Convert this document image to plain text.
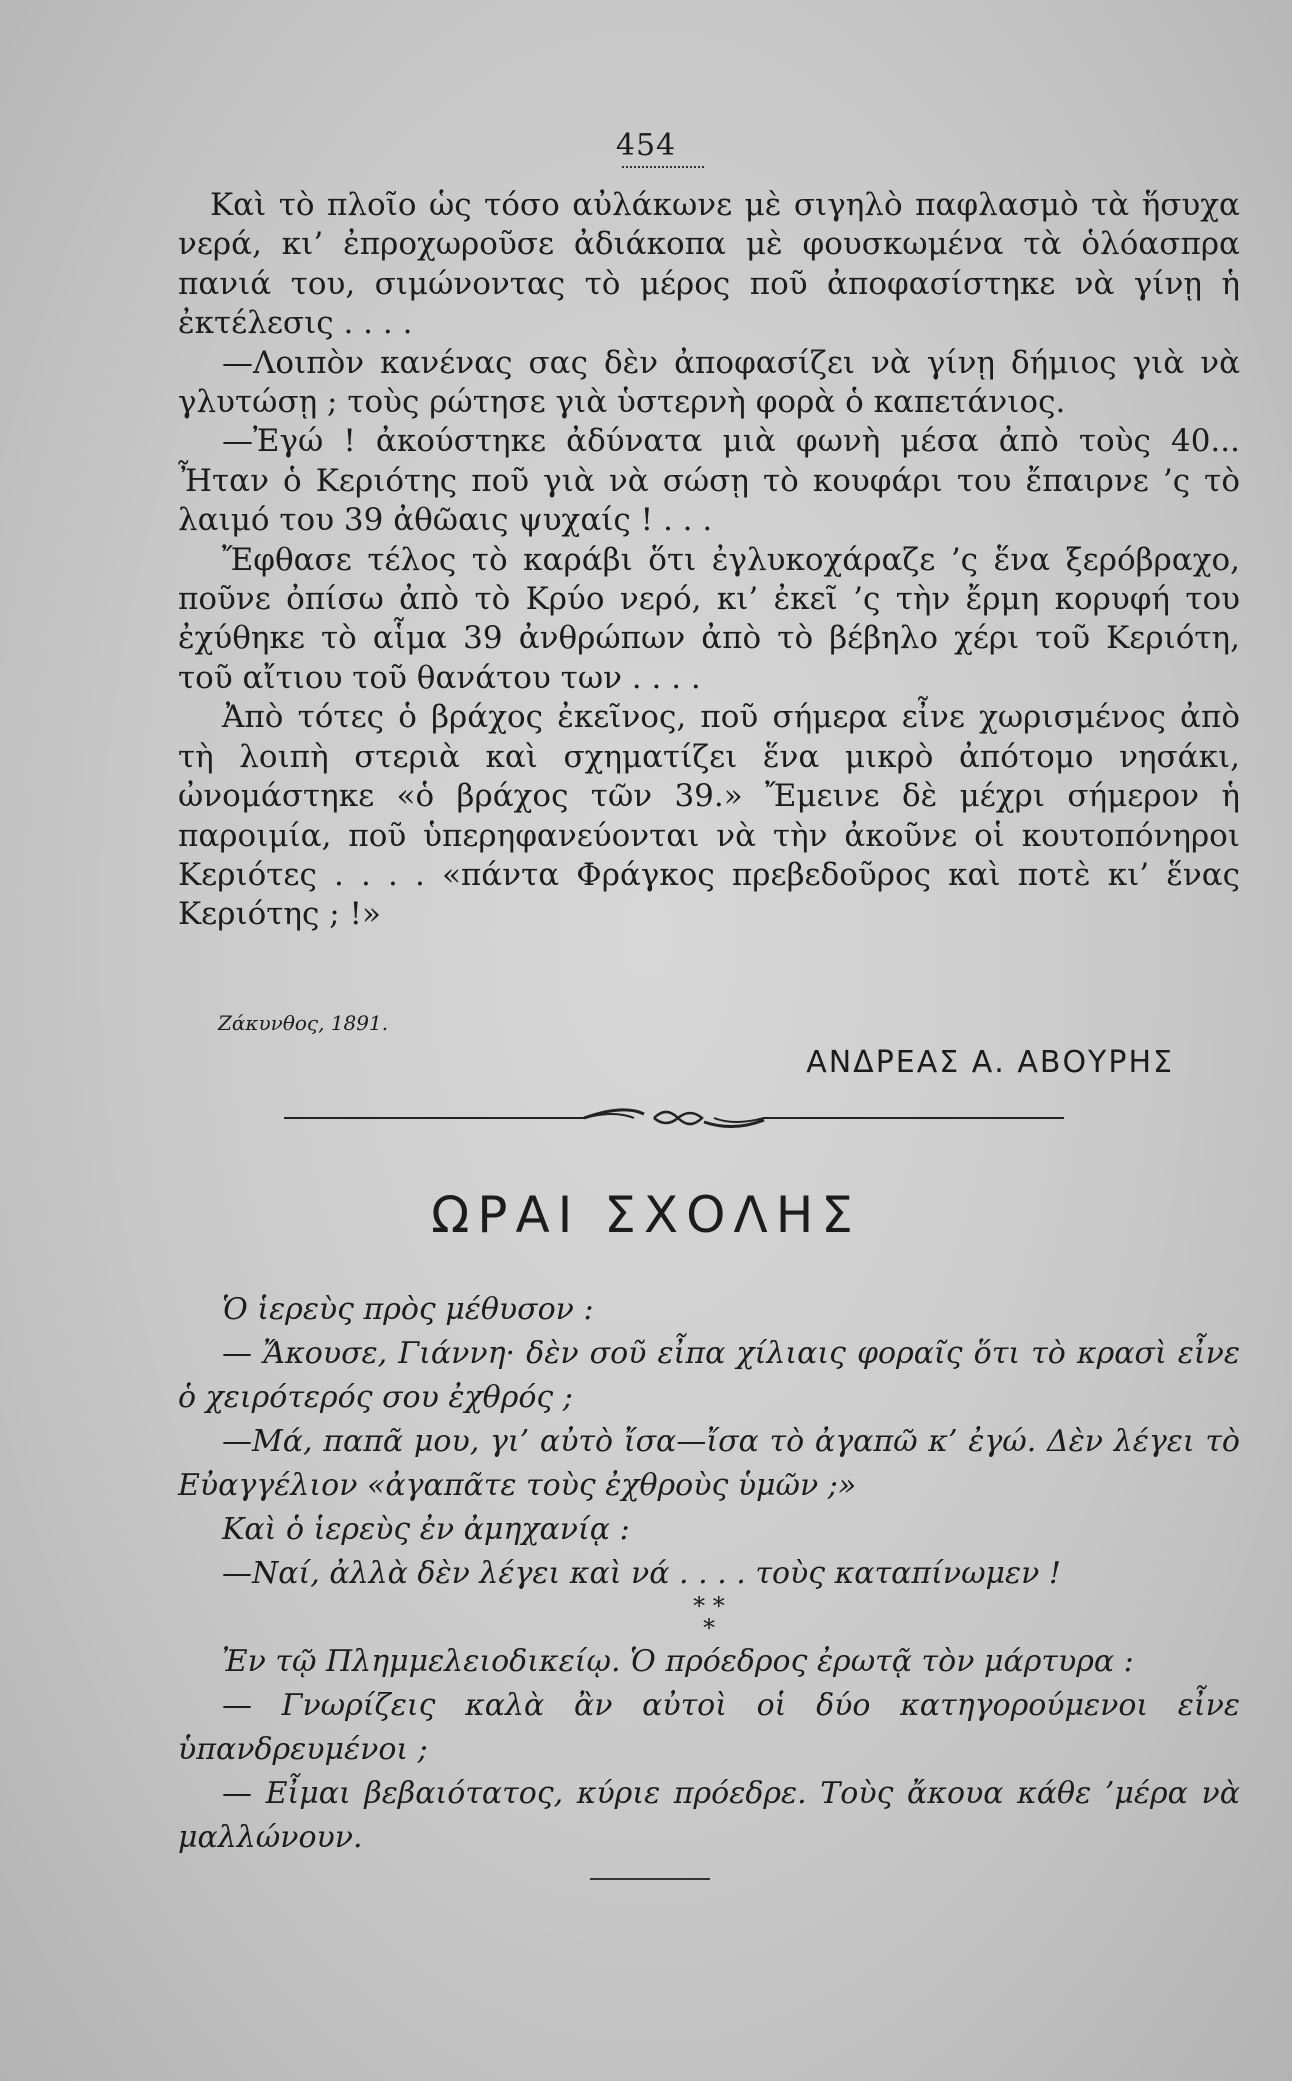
454

Καὶ τὸ πλοῖο ὡς τόσο αὐλάκωνε μὲ σιγηλὸ παφλασμὸ τὰ ἥσυχα νερά, κι’ ἐπροχωροῦσε ἀδιάκοπα μὲ φουσκωμένα τὰ ὁλόασπρα πανιά του, σιμώνοντας τὸ μέρος ποῦ ἀποφασίστηκε νὰ γίνῃ ἡ ἐκτέλεσις . . . .

—Λοιπὸν κανένας σας δὲν ἀποφασίζει νὰ γίνῃ δήμιος γιὰ νὰ γλυτώσῃ ; τοὺς ρώτησε γιὰ ὑστερνὴ φορὰ ὁ καπετάνιος.

—Ἐγώ ! ἀκούστηκε ἀδύνατα μιὰ φωνὴ μέσα ἀπὸ τοὺς 40... Ἦταν ὁ Κεριότης ποῦ γιὰ νὰ σώσῃ τὸ κουφάρι του ἔπαιρνε ’ς τὸ λαιμό του 39 ἀθῶαις ψυχαίς ! . . .

Ἔφθασε τέλος τὸ καράβι ὅτι ἐγλυκοχάραζε ’ς ἕνα ξερόβραχο, ποῦνε ὀπίσω ἀπὸ τὸ Κρύο νερό, κι’ ἐκεῖ ’ς τὴν ἔρμη κορυφή του ἐχύθηκε τὸ αἷμα 39 ἀνθρώπων ἀπὸ τὸ βέβηλο χέρι τοῦ Κεριότη, τοῦ αἴτιου τοῦ θανάτου των . . . .

Ἀπὸ τότες ὁ βράχος ἐκεῖνος, ποῦ σήμερα εἶνε χωρισμένος ἀπὸ τὴ λοιπὴ στεριὰ καὶ σχηματίζει ἕνα μικρὸ ἀπότομο νησάκι, ὠνομάστηκε «ὁ βράχος τῶν 39.» Ἔμεινε δὲ μέχρι σήμερον ἡ παροιμία, ποῦ ὑπερηφανεύονται νὰ τὴν ἀκοῦνε οἱ κουτοπόνηροι Κεριότες . . . . «πάντα Φράγκος πρεβεδοῦρος καὶ ποτὲ κι’ ἕνας Κεριότης ; !»

Ζάκυνθος, 1891.
ΑΝΔΡΕΑΣ Α. ΑΒΟΥΡΗΣ
ΩΡΑΙ ΣΧΟΛΗΣ

Ὁ ἱερεὺς πρὸς μέθυσον :

— Ἄκουσε, Γιάννη· δὲν σοῦ εἶπα χίλιαις φοραῖς ὅτι τὸ κρασὶ εἶνε ὁ χειρότερός σου ἐχθρός ;

—Μά, παπᾶ μου, γι’ αὐτὸ ἴσα—ἴσα τὸ ἀγαπῶ κ’ ἐγώ. Δὲν λέγει τὸ Εὐαγγέλιον «ἀγαπᾶτε τοὺς ἐχθροὺς ὑμῶν ;»

Καὶ ὁ ἱερεὺς ἐν ἀμηχανίᾳ :

—Ναί, ἀλλὰ δὲν λέγει καὶ νά . . . . τοὺς καταπίνωμεν !

* *
*

Ἐν τῷ Πλημμελειοδικείῳ. Ὁ πρόεδρος ἐρωτᾷ τὸν μάρτυρα :

— Γνωρίζεις καλὰ ἂν αὐτοὶ οἱ δύο κατηγορούμενοι εἶνε ὑπανδρευμένοι ;

— Εἶμαι βεβαιότατος, κύριε πρόεδρε. Τοὺς ἄκουα κάθε ’μέρα νὰ μαλλώνουν.
